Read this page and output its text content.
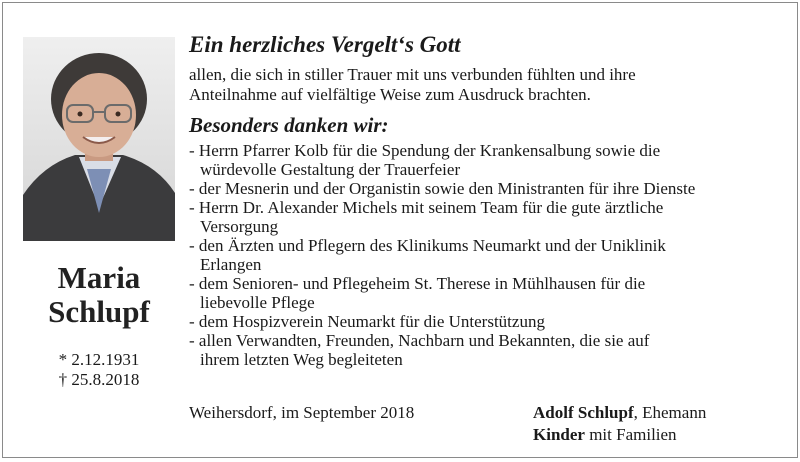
Maria
Schlupf
* 2.12.1931
† 25.8.2018
Ein herzliches Vergelt‘s Gott
allen, die sich in stiller Trauer mit uns verbunden fühlten und ihre
Anteilnahme auf vielfältige Weise zum Ausdruck brachten.
Besonders danken wir:
- Herrn Pfarrer Kolb für die Spendung der Krankensalbung sowie die
würdevolle Gestaltung der Trauerfeier
- der Mesnerin und der Organistin sowie den Ministranten für ihre Dienste
- Herrn Dr. Alexander Michels mit seinem Team für die gute ärztliche
Versorgung
- den Ärzten und Pflegern des Klinikums Neumarkt und der Uniklinik
Erlangen
- dem Senioren- und Pflegeheim St. Therese in Mühlhausen für die
liebevolle Pflege
- dem Hospizverein Neumarkt für die Unterstützung
- allen Verwandten, Freunden, Nachbarn und Bekannten, die sie auf
ihrem letzten Weg begleiteten
Weihersdorf, im September 2018	Adolf Schlupf, Ehemann
Kinder mit Familien
